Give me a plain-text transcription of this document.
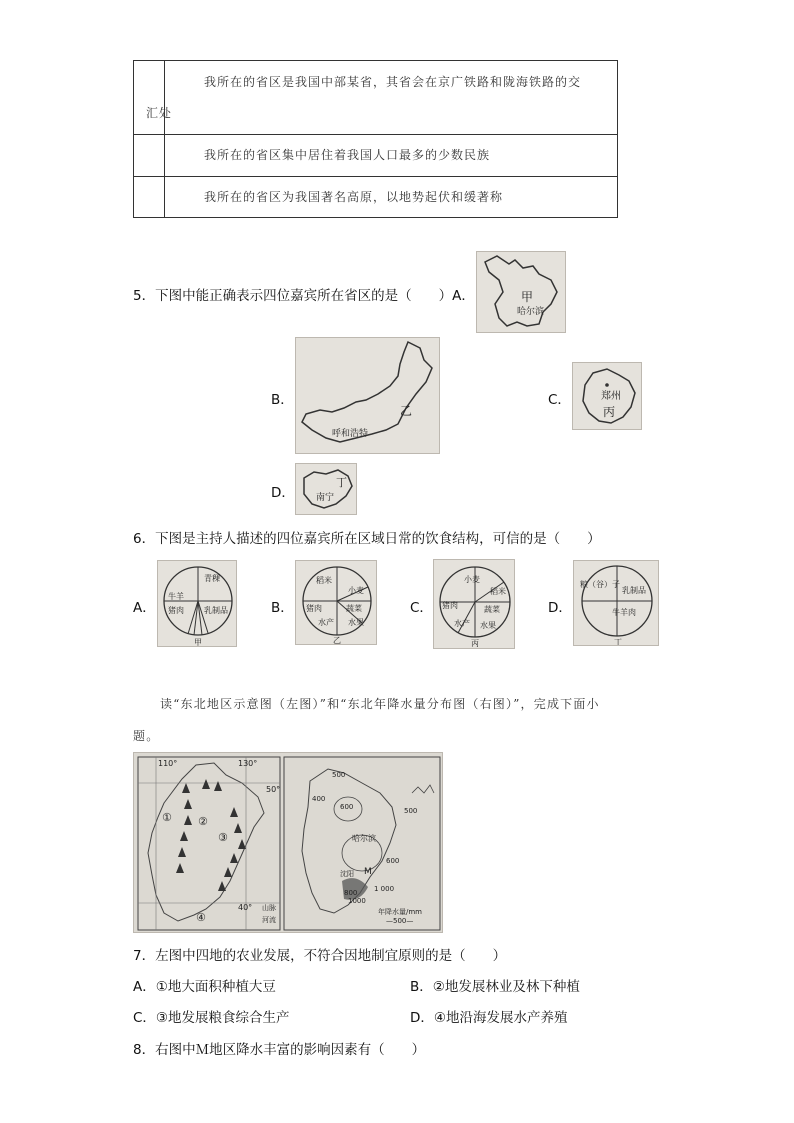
我所在的省区是我国中部某省，其省会在京广铁路和陇海铁路的交
汇处
我所在的省区集中居住着我国人口最多的少数民族
我所在的省区为我国著名高原，以地势起伏和缓著称
5．下图中能正确表示四位嘉宾所在省区的是（　　）A．	甲
哈尔滨
B．
乙
呼和浩特
C．	郑州
丙
D．
丁
南宁
6．下图是主持人描述的四位嘉宾所在区域日常的饮食结构，可信的是（　　）
A．
青稞
牛羊
猪肉	乳制品
甲
B．
稻米
小麦
猪肉	蔬菜
水产 水果
乙
C．
小麦
稻米
猪肉	蔬菜
水产 水果
丙
D．
粮（谷）子
乳制品
牛羊肉
丁
读“东北地区示意图（左图）”和“东北年降水量分布图（右图）”，完成下面小
题。
110°	130°
50°
40°
① ②
③
④
山脉
河流
500
400
600
哈尔滨
M
沈阳
800
1000
1 000
600
500
年降水量/mm
—500—
7．左图中四地的农业发展，不符合因地制宜原则的是（　　）
A．①地大面积种植大豆	B．②地发展林业及林下种植
C．③地发展粮食综合生产	D．④地沿海发展水产养殖
8．右图中Ｍ地区降水丰富的影响因素有（　　）
